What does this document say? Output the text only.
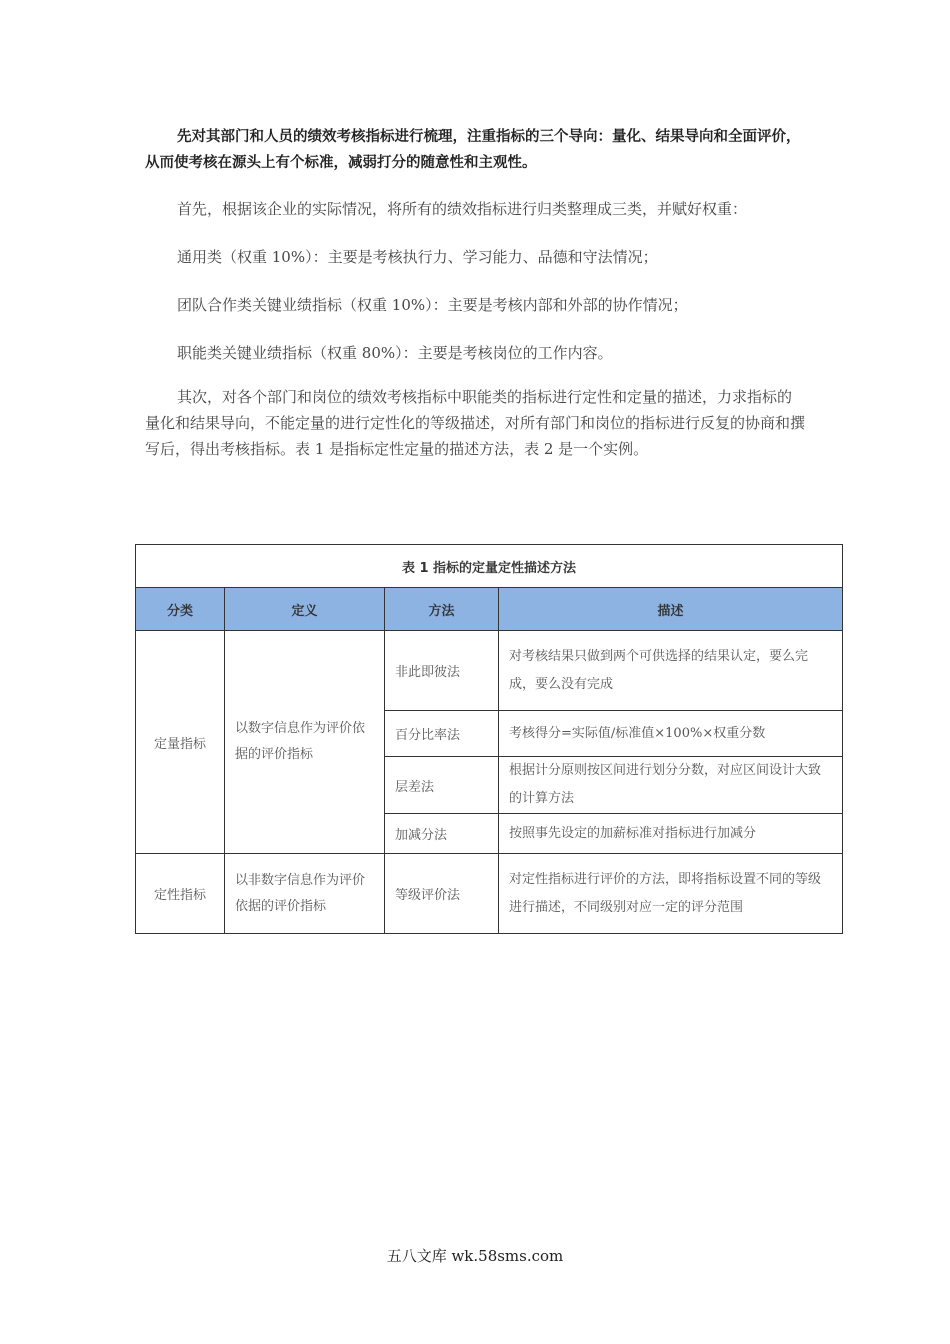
先对其部门和人员的绩效考核指标进行梳理，注重指标的三个导向：量化、结果导向和全面评价，从而使考核在源头上有个标准，减弱打分的随意性和主观性。

首先，根据该企业的实际情况，将所有的绩效指标进行归类整理成三类，并赋好权重：

通用类（权重 10%）：主要是考核执行力、学习能力、品德和守法情况；

团队合作类关键业绩指标（权重 10%）：主要是考核内部和外部的协作情况；

职能类关键业绩指标（权重 80%）：主要是考核岗位的工作内容。

其次，对各个部门和岗位的绩效考核指标中职能类的指标进行定性和定量的描述，力求指标的量化和结果导向，不能定量的进行定性化的等级描述，对所有部门和岗位的指标进行反复的协商和撰写后，得出考核指标。表 1 是指标定性定量的描述方法，表 2 是一个实例。

表 1 指标的定量定性描述方法			
分类	定义	方法	描述
定量指标	以数字信息作为评价依据的评价指标	非此即彼法	对考核结果只做到两个可供选择的结果认定，要么完成，要么没有完成
		百分比率法	考核得分=实际值/标准值×100%×权重分数
		层差法	根据计分原则按区间进行划分分数，对应区间设计大致的计算方法
		加减分法	按照事先设定的加薪标准对指标进行加减分
定性指标	以非数字信息作为评价依据的评价指标	等级评价法	对定性指标进行评价的方法，即将指标设置不同的等级进行描述，不同级别对应一定的评分范围
五八文库 wk.58sms.com
